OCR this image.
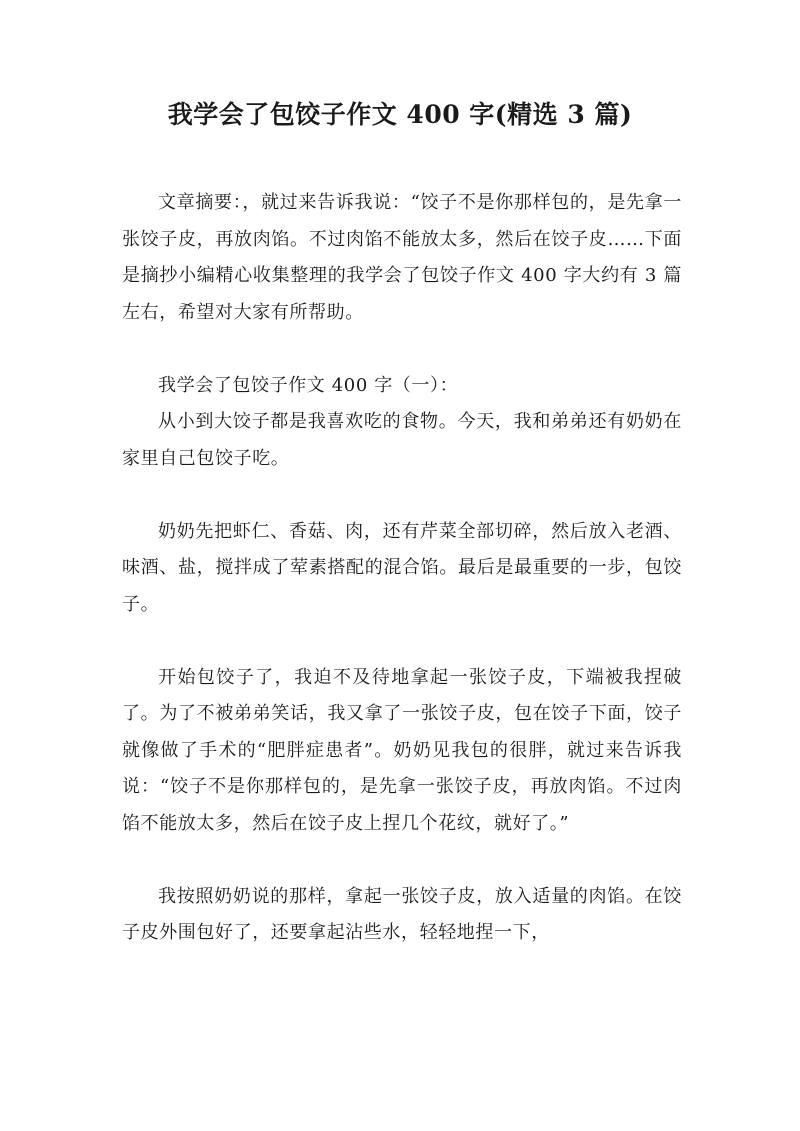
我学会了包饺子作文 400 字(精选 3 篇)

文章摘要：，就过来告诉我说：“饺子不是你那样包的，是先拿一张饺子皮，再放肉馅。不过肉馅不能放太多，然后在饺子皮……下面是摘抄小编精心收集整理的我学会了包饺子作文 400 字大约有 3 篇左右，希望对大家有所帮助。

我学会了包饺子作文 400 字（一）：

从小到大饺子都是我喜欢吃的食物。今天，我和弟弟还有奶奶在家里自己包饺子吃。

奶奶先把虾仁、香菇、肉，还有芹菜全部切碎，然后放入老酒、味酒、盐，搅拌成了荤素搭配的混合馅。最后是最重要的一步，包饺子。

开始包饺子了，我迫不及待地拿起一张饺子皮，下端被我捏破了。为了不被弟弟笑话，我又拿了一张饺子皮，包在饺子下面，饺子就像做了手术的“肥胖症患者”。奶奶见我包的很胖，就过来告诉我说：“饺子不是你那样包的，是先拿一张饺子皮，再放肉馅。不过肉馅不能放太多，然后在饺子皮上捏几个花纹，就好了。”

我按照奶奶说的那样，拿起一张饺子皮，放入适量的肉馅。在饺子皮外围包好了，还要拿起沾些水，轻轻地捏一下，
